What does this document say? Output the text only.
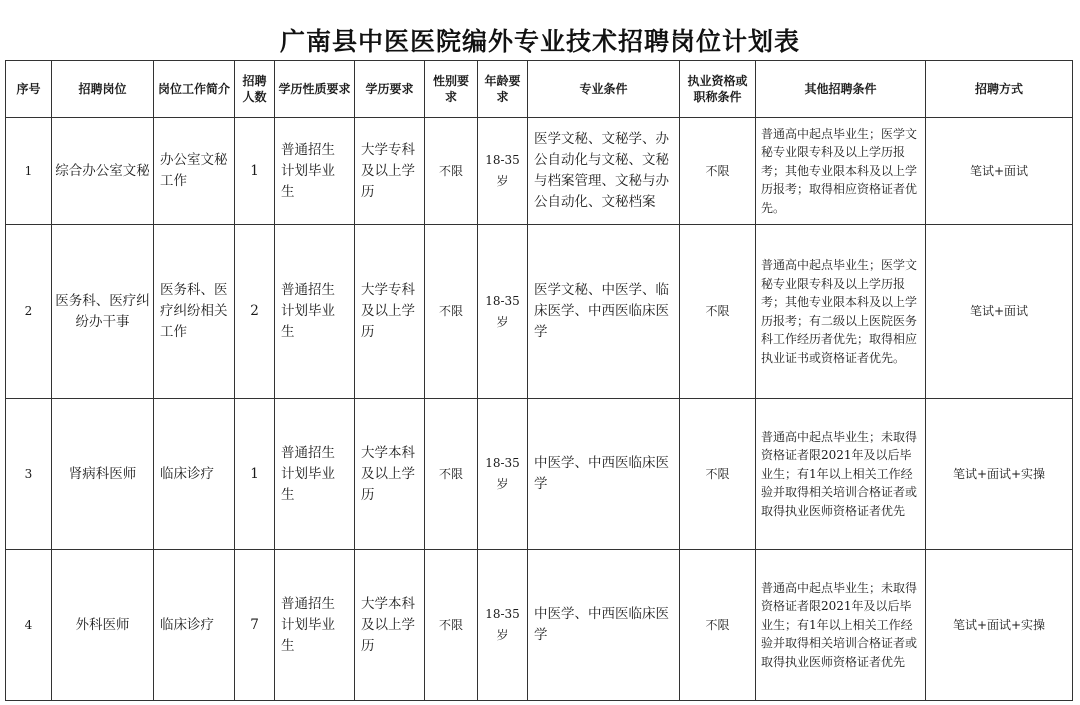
广南县中医医院编外专业技术招聘岗位计划表
序号	招聘岗位	岗位工作简介	招聘人数	学历性质要求	学历要求	性别要求	年龄要求	专业条件	执业资格或职称条件	其他招聘条件	招聘方式
1	综合办公室文秘	办公室文秘工作	1	普通招生计划毕业生	大学专科及以上学历	不限	18-35岁	医学文秘、文秘学、办公自动化与文秘、文秘与档案管理、文秘与办公自动化、文秘档案	不限	普通高中起点毕业生；医学文秘专业限专科及以上学历报考；其他专业限本科及以上学历报考；取得相应资格证者优先。	笔试+面试
2	医务科、医疗纠纷办干事	医务科、医疗纠纷相关工作	2	普通招生计划毕业生	大学专科及以上学历	不限	18-35岁	医学文秘、中医学、临床医学、中西医临床医学	不限	普通高中起点毕业生；医学文秘专业限专科及以上学历报考；其他专业限本科及以上学历报考；有二级以上医院医务科工作经历者优先；取得相应执业证书或资格证者优先。	笔试+面试
3	肾病科医师	临床诊疗	1	普通招生计划毕业生	大学本科及以上学历	不限	18-35岁	中医学、中西医临床医学	不限	普通高中起点毕业生；未取得资格证者限2021年及以后毕业生；有1年以上相关工作经验并取得相关培训合格证者或取得执业医师资格证者优先	笔试+面试+实操
4	外科医师	临床诊疗	7	普通招生计划毕业生	大学本科及以上学历	不限	18-35岁	中医学、中西医临床医学	不限	普通高中起点毕业生；未取得资格证者限2021年及以后毕业生；有1年以上相关工作经验并取得相关培训合格证者或取得执业医师资格证者优先	笔试+面试+实操
